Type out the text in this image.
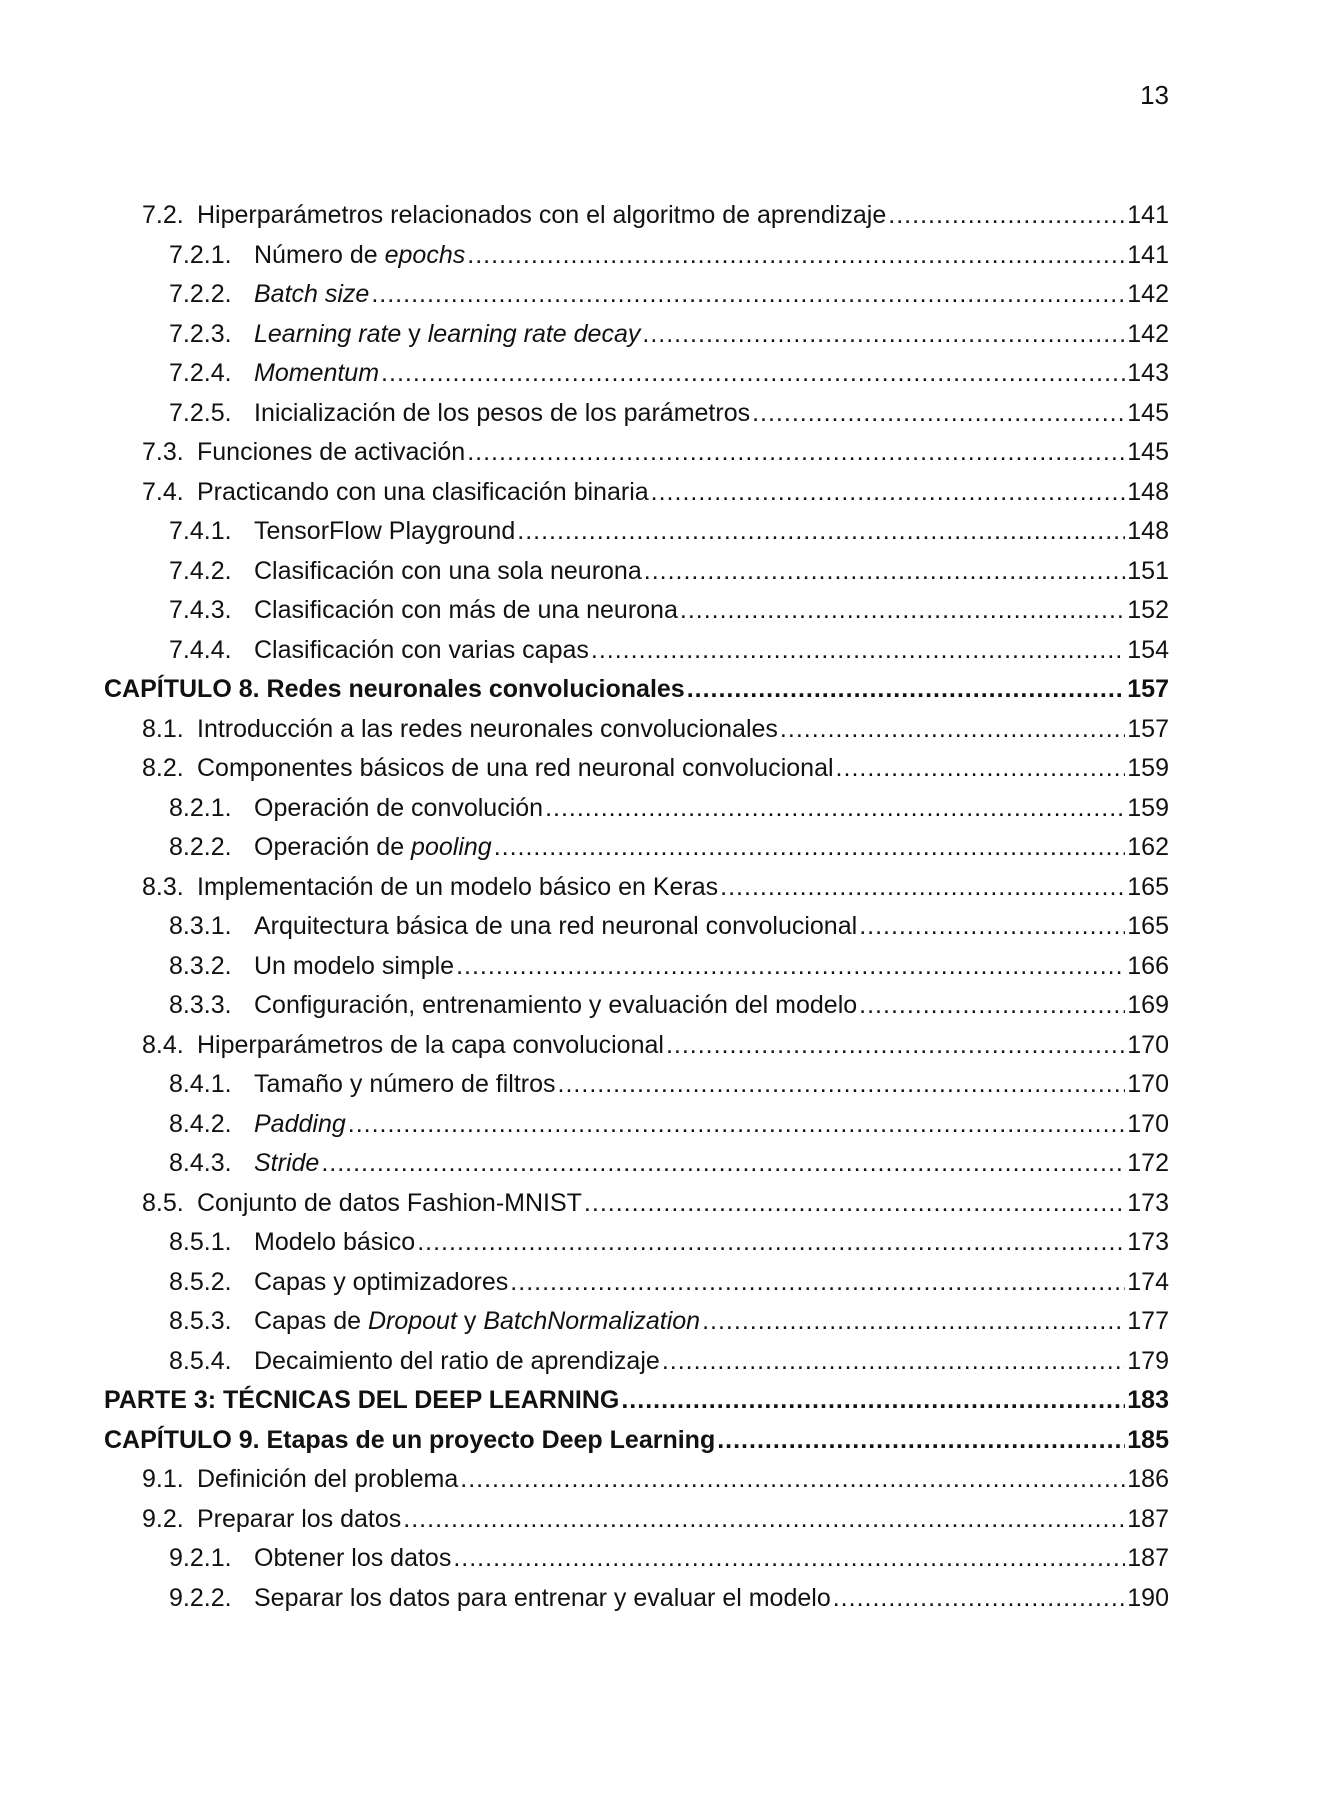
13
7.2. Hiperparámetros relacionados con el algoritmo de aprendizaje .....	141
7.2.1. Número de epochs .....	141
7.2.2. Batch size .....	142
7.2.3. Learning rate y learning rate decay .....	142
7.2.4. Momentum .....	143
7.2.5. Inicialización de los pesos de los parámetros .....	145
7.3. Funciones de activación .....	145
7.4. Practicando con una clasificación binaria .....	148
7.4.1. TensorFlow Playground .....	148
7.4.2. Clasificación con una sola neurona .....	151
7.4.3. Clasificación con más de una neurona .....	152
7.4.4. Clasificación con varias capas .....	154
CAPÍTULO 8. Redes neuronales convolucionales .....	157
8.1. Introducción a las redes neuronales convolucionales .....	157
8.2. Componentes básicos de una red neuronal convolucional .....	159
8.2.1. Operación de convolución .....	159
8.2.2. Operación de pooling .....	162
8.3. Implementación de un modelo básico en Keras .....	165
8.3.1. Arquitectura básica de una red neuronal convolucional .....	165
8.3.2. Un modelo simple .....	166
8.3.3. Configuración, entrenamiento y evaluación del modelo .....	169
8.4. Hiperparámetros de la capa convolucional .....	170
8.4.1. Tamaño y número de filtros .....	170
8.4.2. Padding .....	170
8.4.3. Stride .....	172
8.5. Conjunto de datos Fashion-MNIST .....	173
8.5.1. Modelo básico .....	173
8.5.2. Capas y optimizadores .....	174
8.5.3. Capas de Dropout y BatchNormalization .....	177
8.5.4. Decaimiento del ratio de aprendizaje .....	179
PARTE 3: TÉCNICAS DEL DEEP LEARNING .....	183
CAPÍTULO 9. Etapas de un proyecto Deep Learning .....	185
9.1. Definición del problema .....	186
9.2. Preparar los datos .....	187
9.2.1. Obtener los datos .....	187
9.2.2. Separar los datos para entrenar y evaluar el modelo .....	190
